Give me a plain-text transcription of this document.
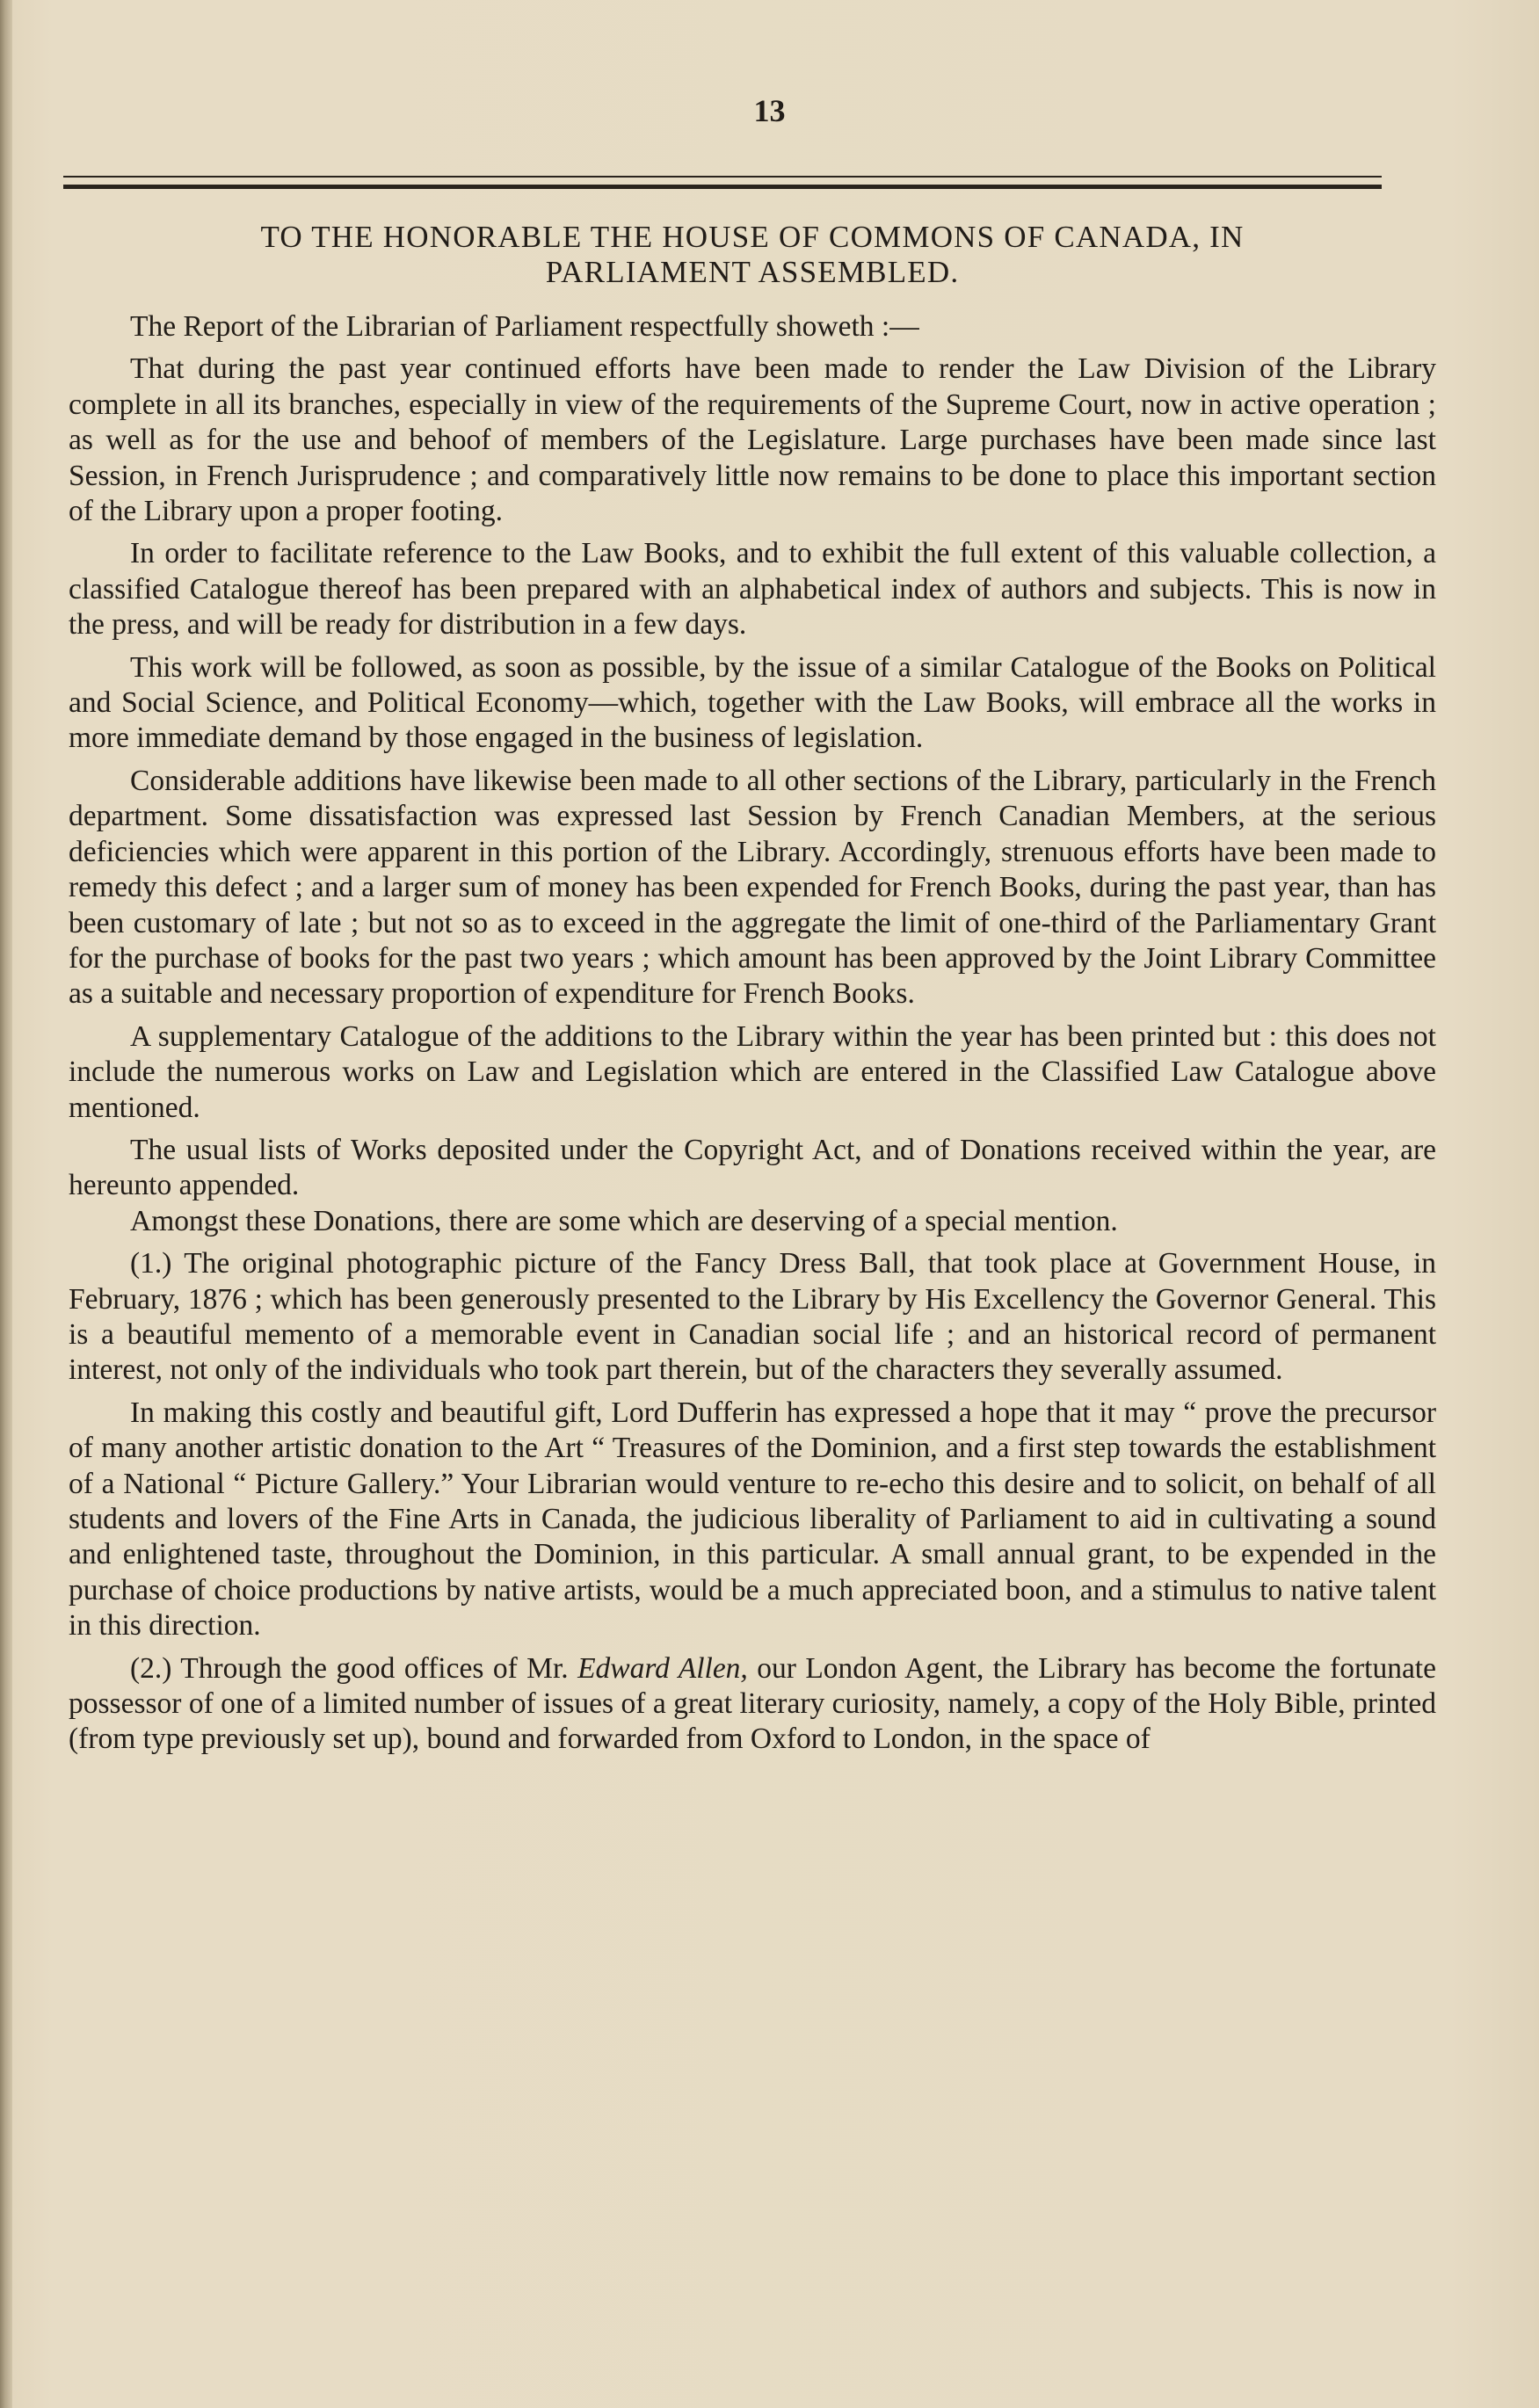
13
TO THE HONORABLE THE HOUSE OF COMMONS OF CANADA, IN
PARLIAMENT ASSEMBLED.

The Report of the Librarian of Parliament respectfully showeth :—

That during the past year continued efforts have been made to render the Law Division of the Library complete in all its branches, especially in view of the requirements of the Supreme Court, now in active operation ; as well as for the use and behoof of members of the Legislature. Large purchases have been made since last Session, in French Jurisprudence ; and comparatively little now remains to be done to place this important section of the Library upon a proper footing.

In order to facilitate reference to the Law Books, and to exhibit the full extent of this valuable collection, a classified Catalogue thereof has been prepared with an alphabetical index of authors and subjects. This is now in the press, and will be ready for distribution in a few days.

This work will be followed, as soon as possible, by the issue of a similar Catalogue of the Books on Political and Social Science, and Political Economy—which, together with the Law Books, will embrace all the works in more immediate demand by those engaged in the business of legislation.

Considerable additions have likewise been made to all other sections of the Library, particularly in the French department. Some dissatisfaction was expressed last Session by French Canadian Members, at the serious deficiencies which were apparent in this portion of the Library. Accordingly, strenuous efforts have been made to remedy this defect ; and a larger sum of money has been expended for French Books, during the past year, than has been customary of late ; but not so as to exceed in the aggregate the limit of one-third of the Parliamentary Grant for the purchase of books for the past two years ; which amount has been approved by the Joint Library Committee as a suitable and necessary proportion of expenditure for French Books.

A supplementary Catalogue of the additions to the Library within the year has been printed but : this does not include the numerous works on Law and Legislation which are entered in the Classified Law Catalogue above mentioned.

The usual lists of Works deposited under the Copyright Act, and of Donations received within the year, are hereunto appended.

Amongst these Donations, there are some which are deserving of a special mention.

(1.) The original photographic picture of the Fancy Dress Ball, that took place at Government House, in February, 1876 ; which has been generously presented to the Library by His Excellency the Governor General. This is a beautiful memento of a memorable event in Canadian social life ; and an historical record of permanent interest, not only of the individuals who took part therein, but of the characters they severally assumed.

In making this costly and beautiful gift, Lord Dufferin has expressed a hope that it may “ prove the precursor of many another artistic donation to the Art “ Treasures of the Dominion, and a first step towards the establishment of a National “ Picture Gallery.” Your Librarian would venture to re-echo this desire and to solicit, on behalf of all students and lovers of the Fine Arts in Canada, the judicious liberality of Parliament to aid in cultivating a sound and enlightened taste, throughout the Dominion, in this particular. A small annual grant, to be expended in the purchase of choice productions by native artists, would be a much appreciated boon, and a stimulus to native talent in this direction.

(2.) Through the good offices of Mr. Edward Allen, our London Agent, the Library has become the fortunate possessor of one of a limited number of issues of a great literary curiosity, namely, a copy of the Holy Bible, printed (from type previously set up), bound and forwarded from Oxford to London, in the space of
